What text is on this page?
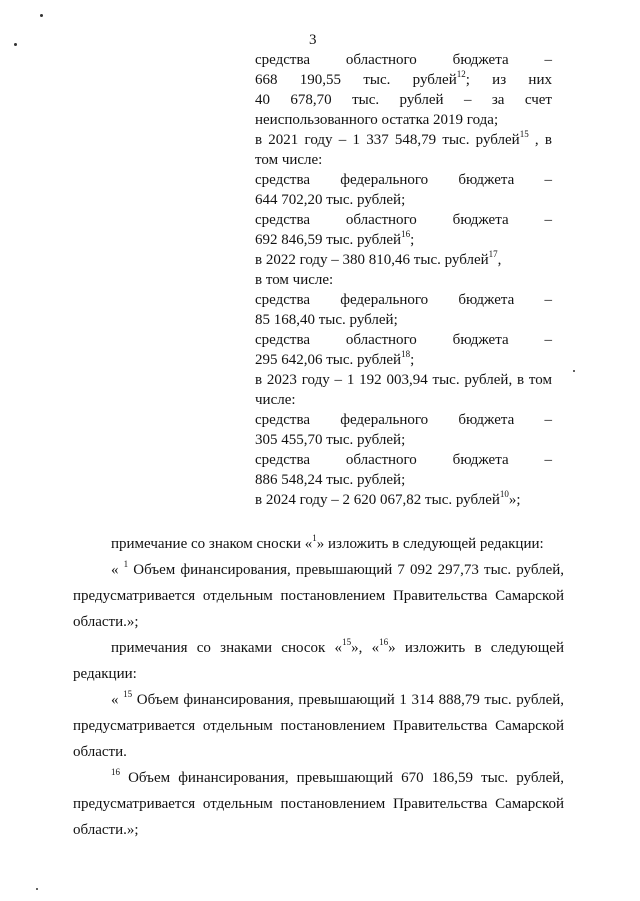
3
средства областного бюджета –
668 190,55 тыс. рублей$^{12}$; из них
40 678,70 тыс. рублей – за счет
неиспользованного остатка 2019 года;
в 2021 году – 1 337 548,79 тыс. рублей$^{15}$ , в
том числе:
средства федерального бюджета –
644 702,20 тыс. рублей;
средства областного бюджета –
692 846,59 тыс. рублей$^{16}$;
в 2022 году – 380 810,46 тыс. рублей$^{17}$,
в том числе:
средства федерального бюджета –
85 168,40 тыс. рублей;
средства областного бюджета –
295 642,06 тыс. рублей$^{18}$;
в 2023 году – 1 192 003,94 тыс. рублей, в том
числе:
средства федерального бюджета –
305 455,70 тыс. рублей;
средства областного бюджета –
886 548,24 тыс. рублей;
в 2024 году – 2 620 067,82 тыс. рублей$^{10}$»;
примечание со знаком сноски «$^1$» изложить в следующей редакции:
« $^1$ Объем финансирования, превышающий 7 092 297,73 тыс. рублей,
предусматривается отдельным постановлением Правительства Самарской
области.»;
примечания со знаками сносок «$^{15}$», «$^{16}$» изложить в следующей
редакции:
« $^{15}$ Объем финансирования, превышающий 1 314 888,79 тыс. рублей,
предусматривается отдельным постановлением Правительства Самарской
области.
$^{16}$ Объем финансирования, превышающий 670 186,59 тыс. рублей,
предусматривается отдельным постановлением Правительства Самарской
области.»;
